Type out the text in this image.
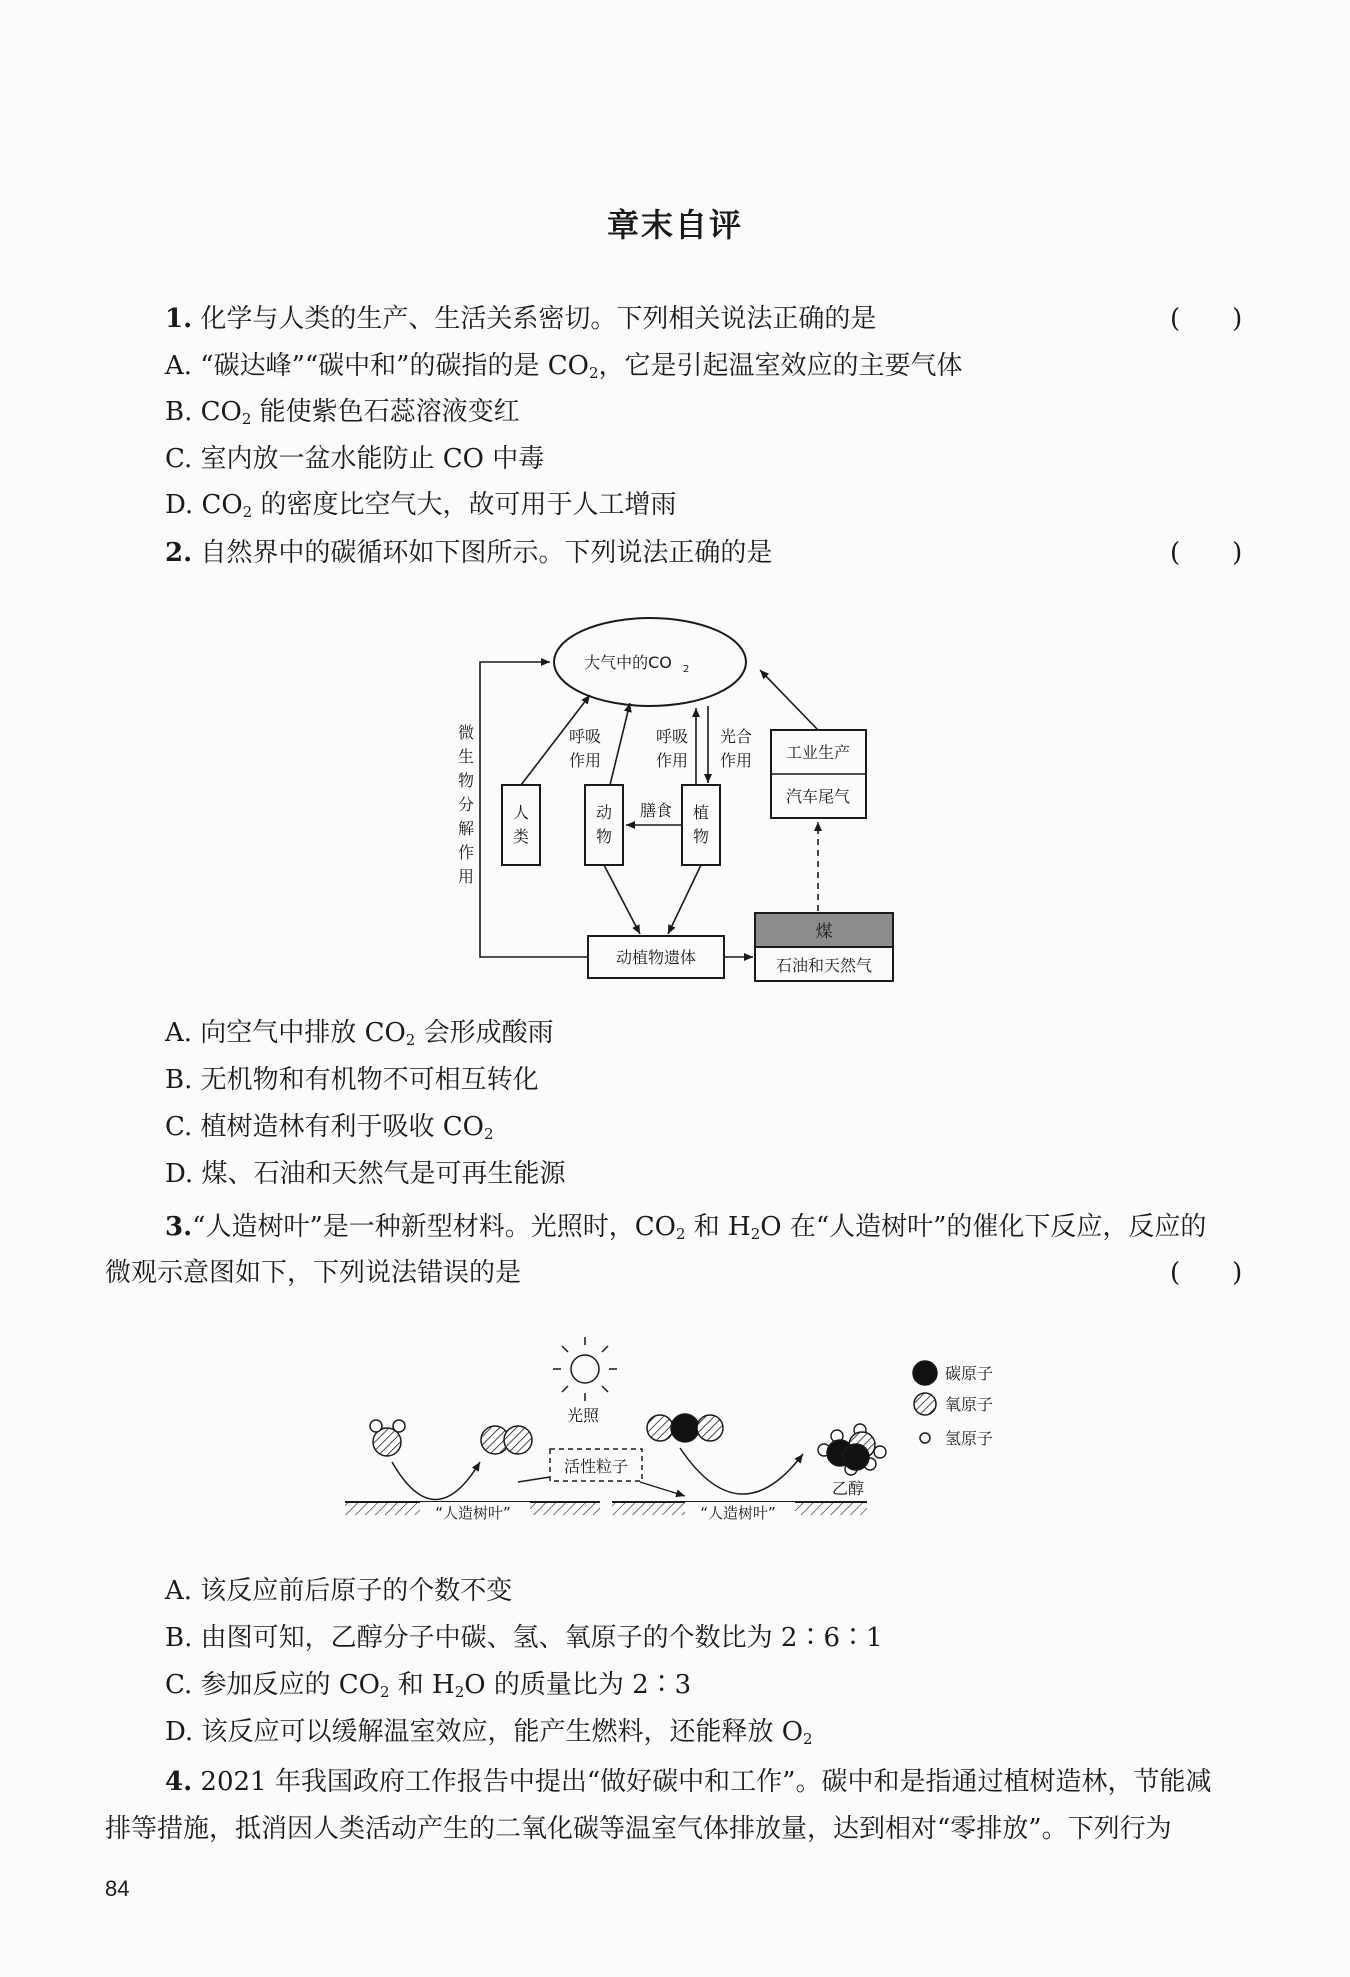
章末自评
1. 化学与人类的生产、生活关系密切。下列相关说法正确的是	(　　)
A. “碳达峰”“碳中和”的碳指的是 $CO_2$，它是引起温室效应的主要气体
B. $CO_2$ 能使紫色石蕊溶液变红
C. 室内放一盆水能防止 CO 中毒
D. $CO_2$ 的密度比空气大，故可用于人工增雨
2. 自然界中的碳循环如下图所示。下列说法正确的是	(　　)
大气中的CO 2
微
生
物
分
解
作
用
人
类
呼吸
作用
动
物
呼吸
作用
膳食 植
物
光合
作用 工业生产
汽车尾气
动植物遗体
煤
石油和天然气
A. 向空气中排放 $CO_2$ 会形成酸雨
B. 无机物和有机物不可相互转化
C. 植树造林有利于吸收 $CO_2$
D. 煤、石油和天然气是可再生能源
3.“人造树叶”是一种新型材料。光照时，$CO_2$ 和 $H_2O$ 在“人造树叶”的催化下反应，反应的
微观示意图如下，下列说法错误的是	(　　)
光照
乙醇
活性粒子
“人造树叶”	“人造树叶”
碳原子
氧原子
氢原子
A. 该反应前后原子的个数不变
B. 由图可知，乙醇分子中碳、氢、氧原子的个数比为 2∶6∶1
C. 参加反应的 $CO_2$ 和 $H_2O$ 的质量比为 2∶3
D. 该反应可以缓解温室效应，能产生燃料，还能释放 $O_2$
4. 2021 年我国政府工作报告中提出“做好碳中和工作”。碳中和是指通过植树造林，节能减
排等措施，抵消因人类活动产生的二氧化碳等温室气体排放量，达到相对“零排放”。下列行为
84
